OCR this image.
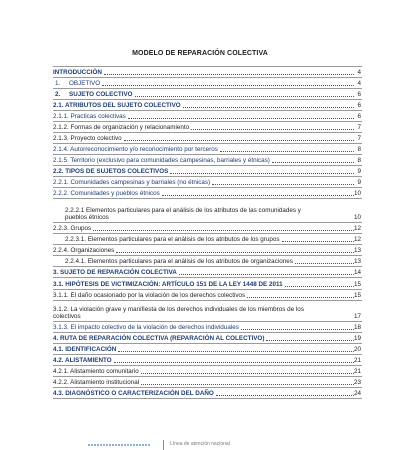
MODELO DE REPARACIÓN COLECTIVA
INTRODUCCIÓN	4
1. OBJETIVO	4
2. SUJETO COLECTIVO	6
2.1. ATRIBUTOS DEL SUJETO COLECTIVO	6
2.1.1. Practicas colectivas	6
2.1.2. Formas de organización y relacionamiento	7
2.1.3. Proyecto colectivo	7
2.1.4. Autorreconocimiento y/o reconocimiento por terceros	8
2.1.5. Territorio (exclusivo para comunidades campesinas, barriales y étnicas)	8
2.2. TIPOS DE SUJETOS COLECTIVOS	9
2.2.1. Comunidades campesinas y barriales (no étnicas)	9
2.2.2. Comunidades y pueblos étnicos	10
2.2.2.1 Elementos particulares para el análisis de los atributos de las comunidades y pueblos étnicos	10
2.2.3. Grupos	12
2.2.3.1. Elementos particulares para el análisis de los atributos de los grupos	12
2.2.4. Organizaciones	13
2.2.4.1. Elementos particulares para el análisis de los atributos de organizaciones	13
3. SUJETO DE REPARACIÓN COLECTIVA	14
3.1. HIPÓTESIS DE VICTIMIZACIÓN: ARTÍCULO 151 DE LA LEY 1448 DE 2011	15
3.1.1. El daño ocasionado por la violación de los derechos colectivos	15
3.1.2. La violación grave y manifiesta de los derechos individuales de los miembros de los colectivos	17
3.1.3. El impacto colectivo de la violación de derechos individuales	18
4. RUTA DE REPARACIÓN COLECTIVA (REPARACIÓN AL COLECTIVO)	19
4.1. IDENTIFICACIÓN	20
4.2. ALISTAMIENTO	21
4.2.1. Alistamiento comunitario	21
4.2.2. Alistamiento institucional	23
4.3. DIAGNÓSTICO O CARACTERIZACIÓN DEL DAÑO	24
Línea de atención nacional
